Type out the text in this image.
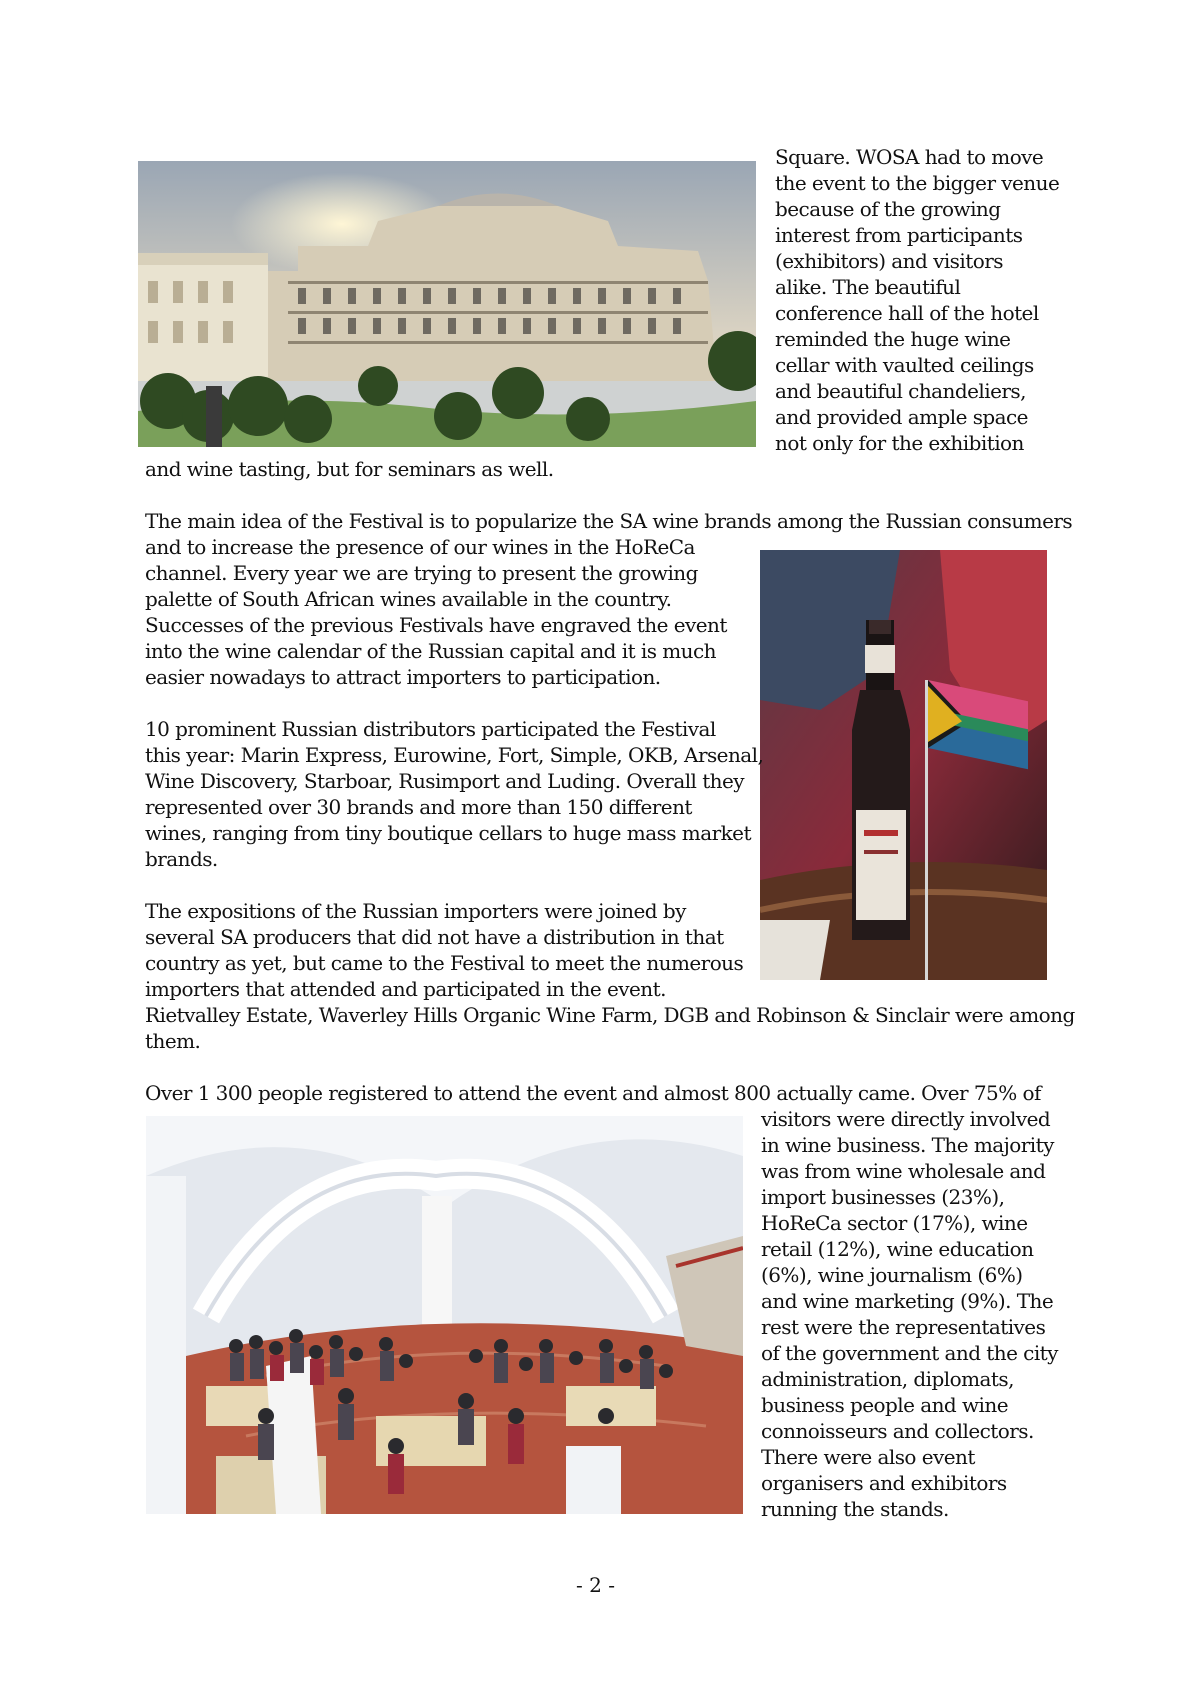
Square. WOSA had to move
the event to the bigger venue
because of the growing
interest from participants
(exhibitors) and visitors
alike. The beautiful
conference hall of the hotel
reminded the huge wine
cellar with vaulted ceilings
and beautiful chandeliers,
and provided ample space
not only for the exhibition
and wine tasting, but for seminars as well.
The main idea of the Festival is to popularize the SA wine brands among the Russian consumers
and to increase the presence of our wines in the HoReCa
channel. Every year we are trying to present the growing
palette of South African wines available in the country.
Successes of the previous Festivals have engraved the event
into the wine calendar of the Russian capital and it is much
easier nowadays to attract importers to participation.
10 prominent Russian distributors participated the Festival
this year: Marin Express, Eurowine, Fort, Simple, OKB, Arsenal,
Wine Discovery, Starboar, Rusimport and Luding. Overall they
represented over 30 brands and more than 150 different
wines, ranging from tiny boutique cellars to huge mass market
brands.
The expositions of the Russian importers were joined by
several SA producers that did not have a distribution in that
country as yet, but came to the Festival to meet the numerous
importers that attended and participated in the event.
Rietvalley Estate, Waverley Hills Organic Wine Farm, DGB and Robinson & Sinclair were among
them.
Over 1 300 people registered to attend the event and almost 800 actually came. Over 75% of
visitors were directly involved
in wine business. The majority
was from wine wholesale and
import businesses (23%),
HoReCa sector (17%), wine
retail (12%), wine education
(6%), wine journalism (6%)
and wine marketing (9%). The
rest were the representatives
of the government and the city
administration, diplomats,
business people and wine
connoisseurs and collectors.
There were also event
organisers and exhibitors
running the stands.
- 2 -
